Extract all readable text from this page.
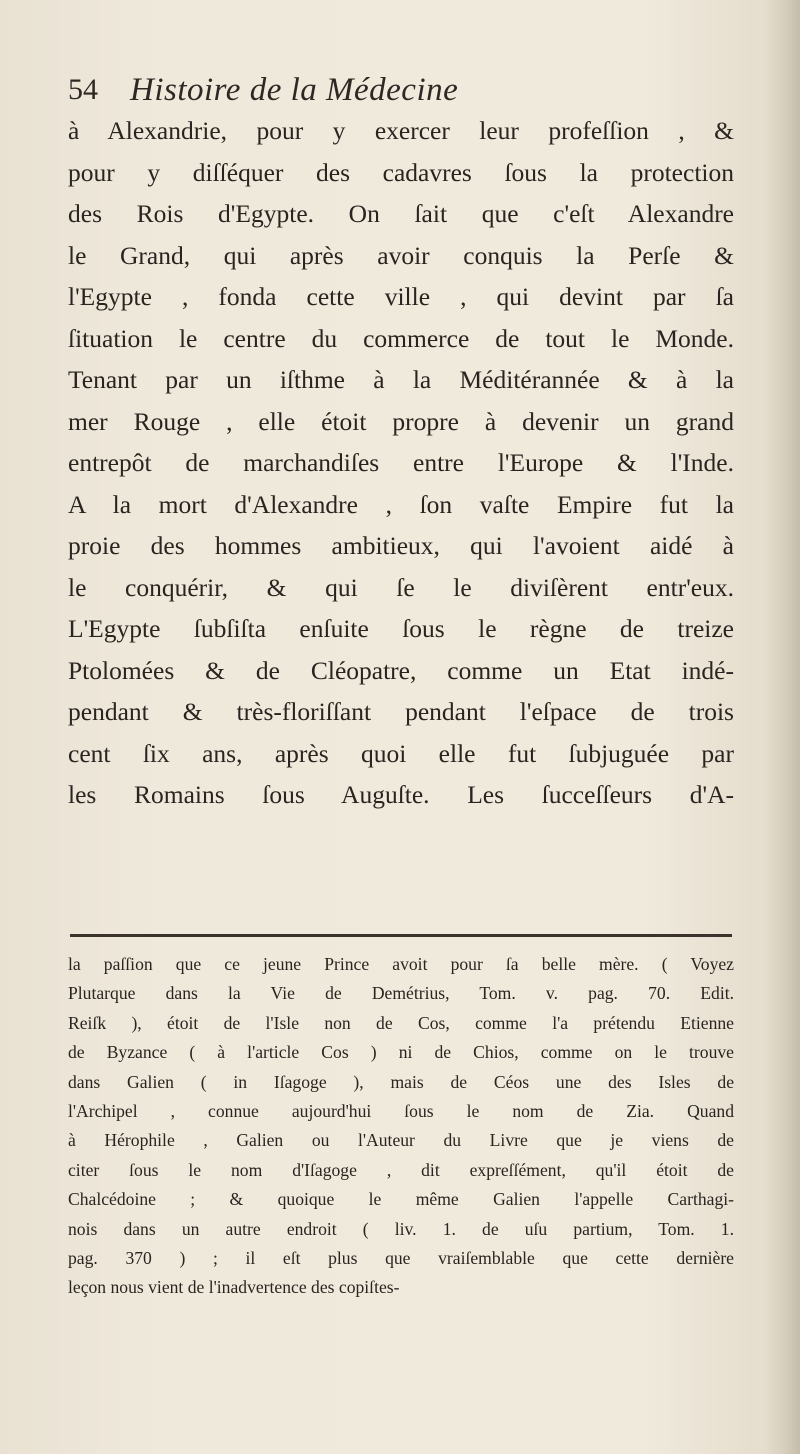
54 Histoire de la Médecine
à Alexandrie, pour y exercer leur profeſſion , &
pour y diſſéquer des cadavres ſous la protection
des Rois d'Egypte. On ſait que c'eſt Alexandre
le Grand, qui après avoir conquis la Perſe &
l'Egypte , fonda cette ville , qui devint par ſa
ſituation le centre du commerce de tout le Monde.
Tenant par un iſthme à la Méditérannée & à la
mer Rouge , elle étoit propre à devenir un grand
entrepôt de marchandiſes entre l'Europe & l'Inde.
A la mort d'Alexandre , ſon vaſte Empire fut la
proie des hommes ambitieux, qui l'avoient aidé à
le conquérir, & qui ſe le diviſèrent entr'eux.
L'Egypte ſubſiſta enſuite ſous le règne de treize
Ptolomées & de Cléopatre, comme un Etat indé-
pendant & très-floriſſant pendant l'eſpace de trois
cent ſix ans, après quoi elle fut ſubjuguée par
les Romains ſous Auguſte. Les ſucceſſeurs d'A-
la paſſion que ce jeune Prince avoit pour ſa belle mère. ( Voyez
Plutarque dans la Vie de Demétrius, Tom. v. pag. 70. Edit.
Reiſk ), étoit de l'Isle non de Cos, comme l'a prétendu Etienne
de Byzance ( à l'article Cos ) ni de Chios, comme on le trouve
dans Galien ( in Iſagoge ), mais de Céos une des Isles de
l'Archipel , connue aujourd'hui ſous le nom de Zia. Quand
à Hérophile , Galien ou l'Auteur du Livre que je viens de
citer ſous le nom d'Iſagoge , dit expreſſément, qu'il étoit de
Chalcédoine ; & quoique le même Galien l'appelle Carthagi-
nois dans un autre endroit ( liv. 1. de uſu partium, Tom. 1.
pag. 370 ) ; il eſt plus que vraiſemblable que cette dernière
leçon nous vient de l'inadvertence des copiſtes-
